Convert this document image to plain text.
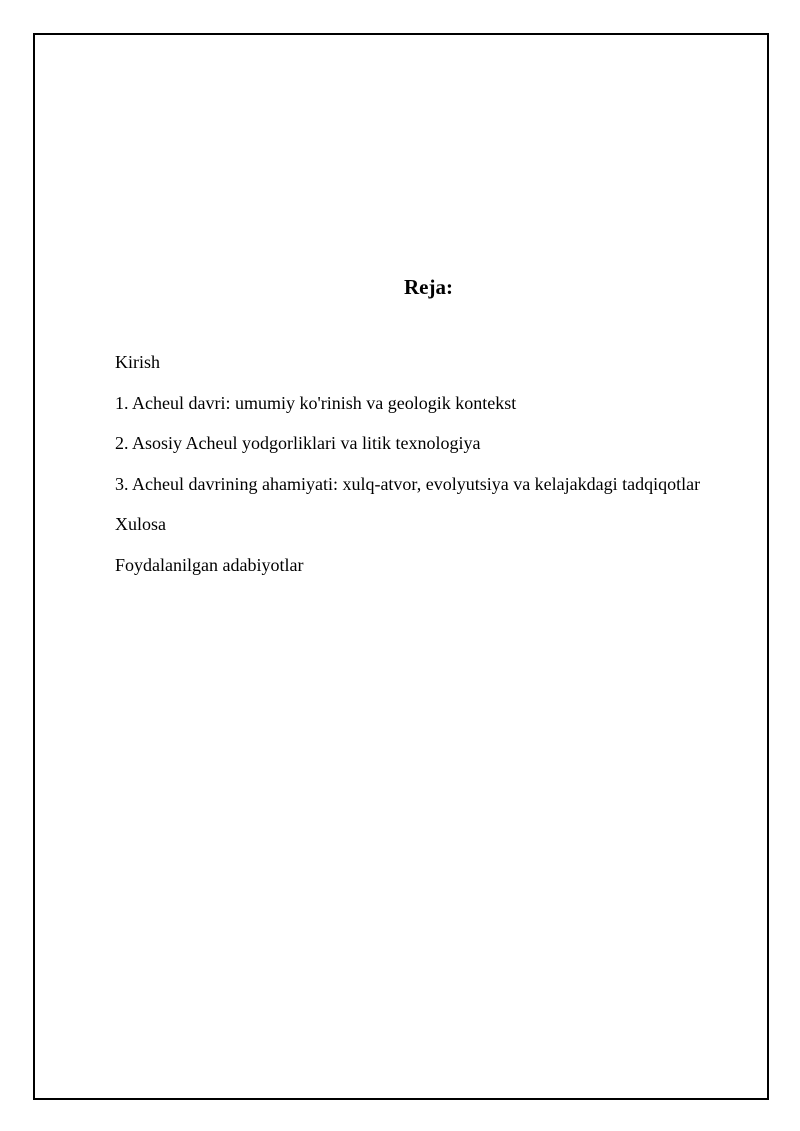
Reja:
Kirish
1. Acheul davri: umumiy ko'rinish va geologik kontekst
2. Asosiy Acheul yodgorliklari va litik texnologiya
3. Acheul davrining ahamiyati: xulq-atvor, evolyutsiya va kelajakdagi tadqiqotlar
Xulosa
Foydalanilgan adabiyotlar
